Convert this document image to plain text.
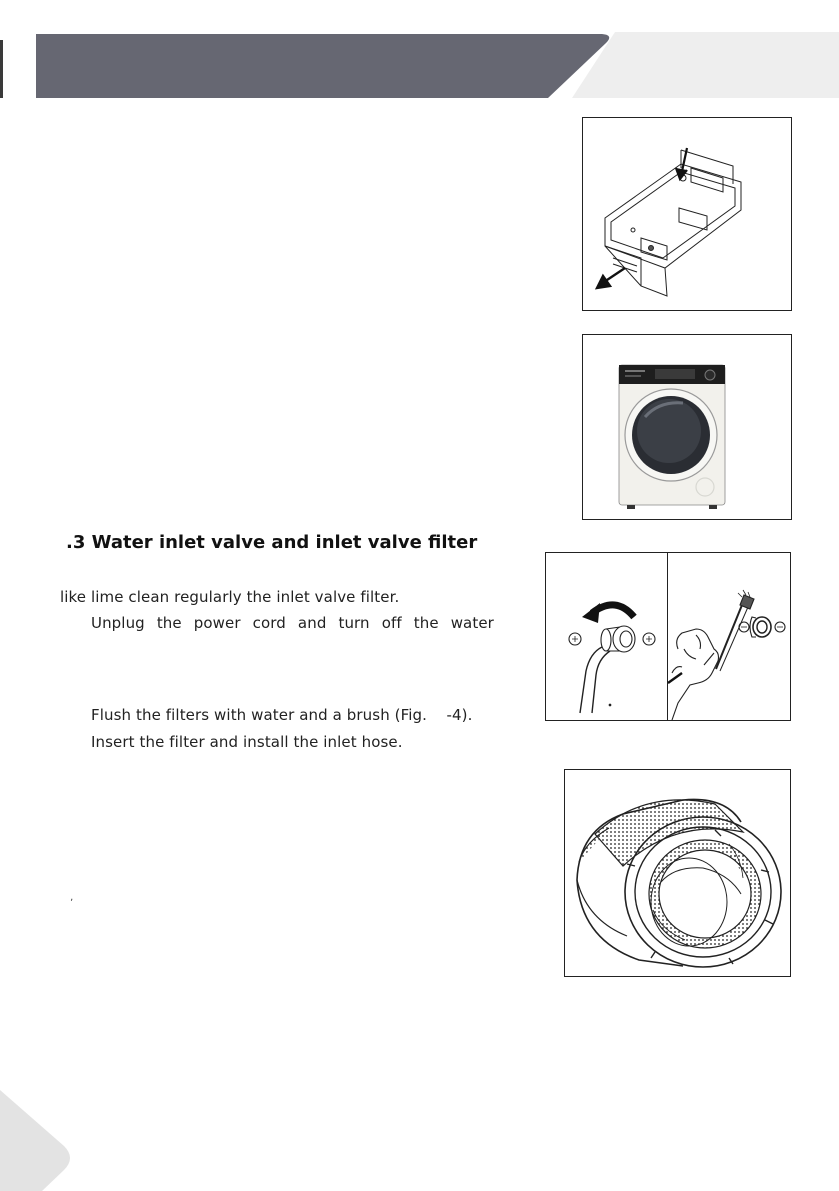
.3 Water inlet valve and inlet valve filter
like lime clean regularly the inlet valve filter.
Unplug the power cord and turn off the water
Flush the filters with water and a brush (Fig.    -4).
Insert the filter and install the inlet hose.
ʼ
